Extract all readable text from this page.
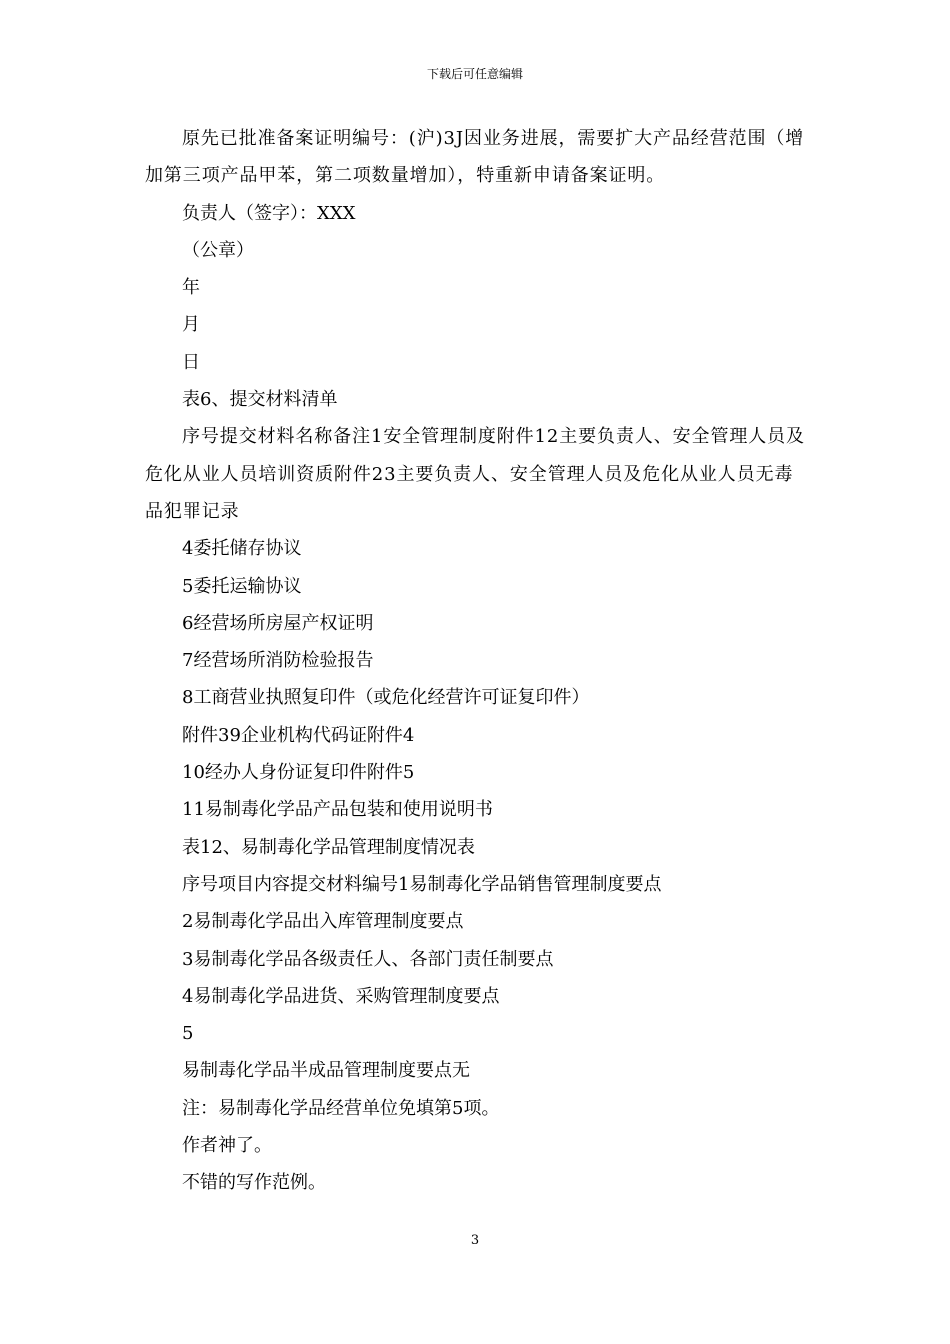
下载后可任意编辑

原先已批准备案证明编号：(沪)3J因业务进展，需要扩大产品经营范围（增加第三项产品甲苯，第二项数量增加），特重新申请备案证明。

负责人（签字）：XXX

（公章）

年

月

日

表6、提交材料清单

序号提交材料名称备注1安全管理制度附件12主要负责人、安全管理人员及危化从业人员培训资质附件23主要负责人、安全管理人员及危化从业人员无毒品犯罪记录

4委托储存协议

5委托运输协议

6经营场所房屋产权证明

7经营场所消防检验报告

8工商营业执照复印件（或危化经营许可证复印件）

附件39企业机构代码证附件4

10经办人身份证复印件附件5

11易制毒化学品产品包装和使用说明书

表12、易制毒化学品管理制度情况表

序号项目内容提交材料编号1易制毒化学品销售管理制度要点

2易制毒化学品出入库管理制度要点

3易制毒化学品各级责任人、各部门责任制要点

4易制毒化学品进货、采购管理制度要点

5

易制毒化学品半成品管理制度要点无

注：易制毒化学品经营单位免填第5项。

作者神了。

不错的写作范例。

3
